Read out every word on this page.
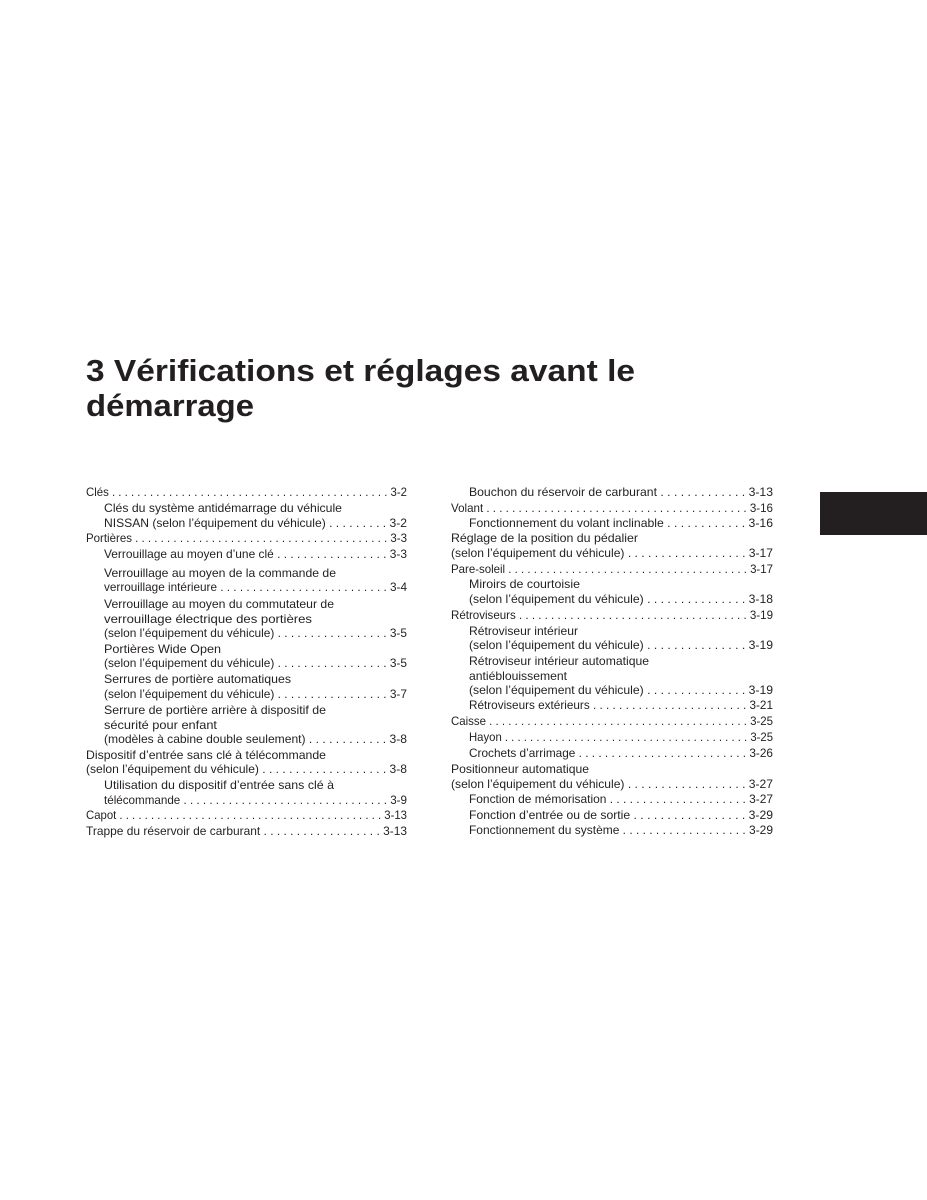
3 Vérifications et réglages avant le
démarrage
Clés . . . . . . . . . . . . . . . . . . . . . . . . . . . . . . . . . . . . . . . . . . . . 3-2
Clés du système antidémarrage du véhicule
NISSAN (selon l’équipement du véhicule) . . . . . . . . . 3-2
Portières . . . . . . . . . . . . . . . . . . . . . . . . . . . . . . . . . . . . . . . . 3-3
Verrouillage au moyen d’une clé . . . . . . . . . . . . . . . . . 3-3
Verrouillage au moyen de la commande de
verrouillage intérieure . . . . . . . . . . . . . . . . . . . . . . . . . . 3-4
Verrouillage au moyen du commutateur de
verrouillage électrique des portières
(selon l’équipement du véhicule) . . . . . . . . . . . . . . . . . 3-5
Portières Wide Open
(selon l’équipement du véhicule) . . . . . . . . . . . . . . . . . 3-5
Serrures de portière automatiques
(selon l’équipement du véhicule) . . . . . . . . . . . . . . . . . 3-7
Serrure de portière arrière à dispositif de
sécurité pour enfant
(modèles à cabine double seulement) . . . . . . . . . . . . 3-8
Dispositif d’entrée sans clé à télécommande
(selon l’équipement du véhicule) . . . . . . . . . . . . . . . . . . . 3-8
Utilisation du dispositif d’entrée sans clé à
télécommande . . . . . . . . . . . . . . . . . . . . . . . . . . . . . . . . 3-9
Capot . . . . . . . . . . . . . . . . . . . . . . . . . . . . . . . . . . . . . . . . . . 3-13
Trappe du réservoir de carburant . . . . . . . . . . . . . . . . . . 3-13
Bouchon du réservoir de carburant . . . . . . . . . . . . . 3-13
Volant . . . . . . . . . . . . . . . . . . . . . . . . . . . . . . . . . . . . . . . . . 3-16
Fonctionnement du volant inclinable . . . . . . . . . . . . 3-16
Réglage de la position du pédalier
(selon l’équipement du véhicule) . . . . . . . . . . . . . . . . . . 3-17
Pare-soleil . . . . . . . . . . . . . . . . . . . . . . . . . . . . . . . . . . . . . . 3-17
Miroirs de courtoisie
(selon l’équipement du véhicule) . . . . . . . . . . . . . . . 3-18
Rétroviseurs . . . . . . . . . . . . . . . . . . . . . . . . . . . . . . . . . . . . 3-19
Rétroviseur intérieur
(selon l’équipement du véhicule) . . . . . . . . . . . . . . . 3-19
Rétroviseur intérieur automatique
antiéblouissement
(selon l’équipement du véhicule) . . . . . . . . . . . . . . . 3-19
Rétroviseurs extérieurs . . . . . . . . . . . . . . . . . . . . . . . . 3-21
Caisse . . . . . . . . . . . . . . . . . . . . . . . . . . . . . . . . . . . . . . . . . 3-25
Hayon . . . . . . . . . . . . . . . . . . . . . . . . . . . . . . . . . . . . . . . 3-25
Crochets d’arrimage . . . . . . . . . . . . . . . . . . . . . . . . . . 3-26
Positionneur automatique
(selon l’équipement du véhicule) . . . . . . . . . . . . . . . . . . 3-27
Fonction de mémorisation . . . . . . . . . . . . . . . . . . . . . 3-27
Fonction d’entrée ou de sortie . . . . . . . . . . . . . . . . . 3-29
Fonctionnement du système . . . . . . . . . . . . . . . . . . . 3-29
